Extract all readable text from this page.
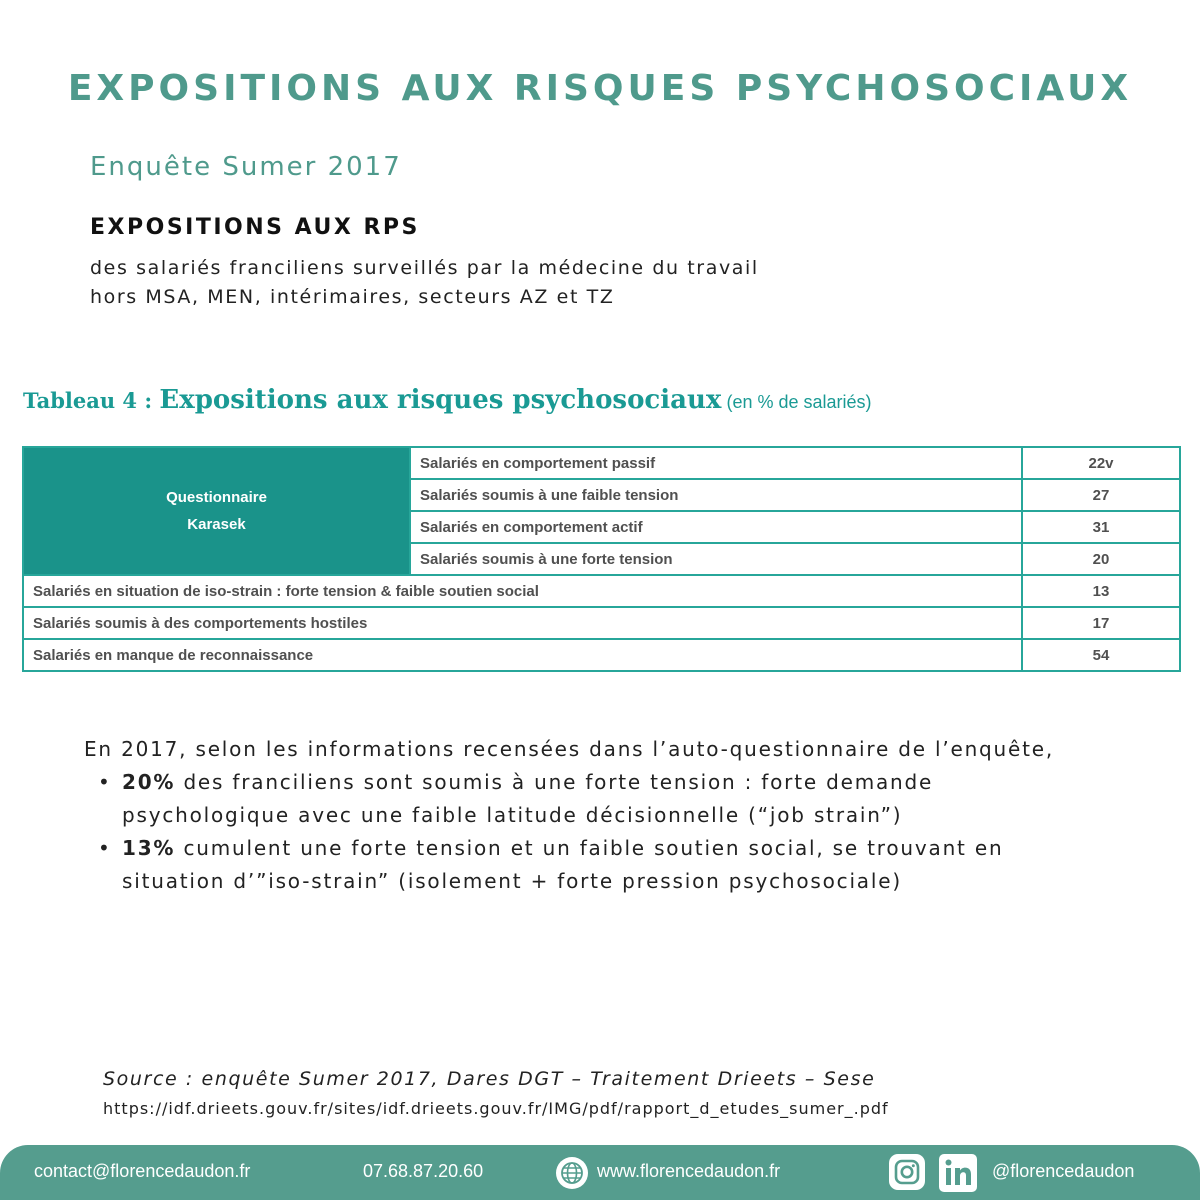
EXPOSITIONS AUX RISQUES PSYCHOSOCIAUX
Enquête Sumer 2017
EXPOSITIONS AUX RPS
des salariés franciliens surveillés par la médecine du travail
hors MSA, MEN, intérimaires, secteurs AZ et TZ
Tableau 4 : Expositions aux risques psychosociaux (en % de salariés)
Questionnaire
Karasek	Salariés en comportement passif	22v
	Salariés soumis à une faible tension	27
	Salariés en comportement actif	31
	Salariés soumis à une forte tension	20
Salariés en situation de iso-strain : forte tension & faible soutien social		13
Salariés soumis à des comportements hostiles		17
Salariés en manque de reconnaissance		54

En 2017, selon les informations recensées dans l’auto-questionnaire de l’enquête,

• 20% des franciliens sont soumis à une forte tension : forte demande psychologique avec une faible latitude décisionnelle (“job strain”)
• 13% cumulent une forte tension et un faible soutien social, se trouvant en situation d’”iso-strain” (isolement + forte pression psychosociale)
Source : enquête Sumer 2017, Dares DGT – Traitement Drieets – Sese
https://idf.drieets.gouv.fr/sites/idf.drieets.gouv.fr/IMG/pdf/rapport_d_etudes_sumer_.pdf
contact@florencedaudon.fr	07.68.87.20.60	www.florencedaudon.fr	@florencedaudon
